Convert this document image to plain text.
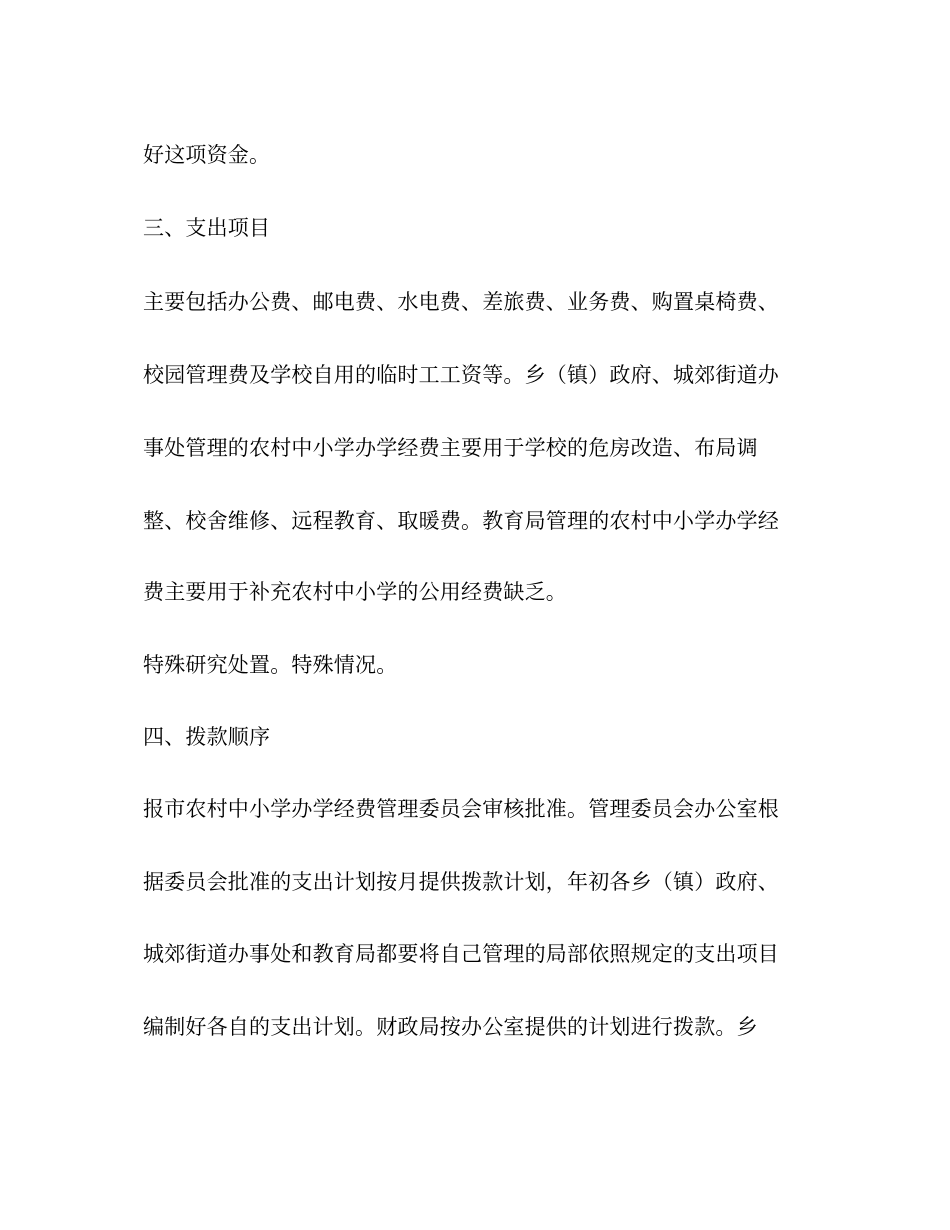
好这项资金。
三、支出项目
主要包括办公费、邮电费、水电费、差旅费、业务费、购置桌椅费、
校园管理费及学校自用的临时工工资等。乡（镇）政府、城郊街道办
事处管理的农村中小学办学经费主要用于学校的危房改造、布局调
整、校舍维修、远程教育、取暖费。教育局管理的农村中小学办学经
费主要用于补充农村中小学的公用经费缺乏。
特殊研究处置。特殊情况。
四、拨款顺序
报市农村中小学办学经费管理委员会审核批准。管理委员会办公室根
据委员会批准的支出计划按月提供拨款计划，年初各乡（镇）政府、
城郊街道办事处和教育局都要将自己管理的局部依照规定的支出项目
编制好各自的支出计划。财政局按办公室提供的计划进行拨款。乡
